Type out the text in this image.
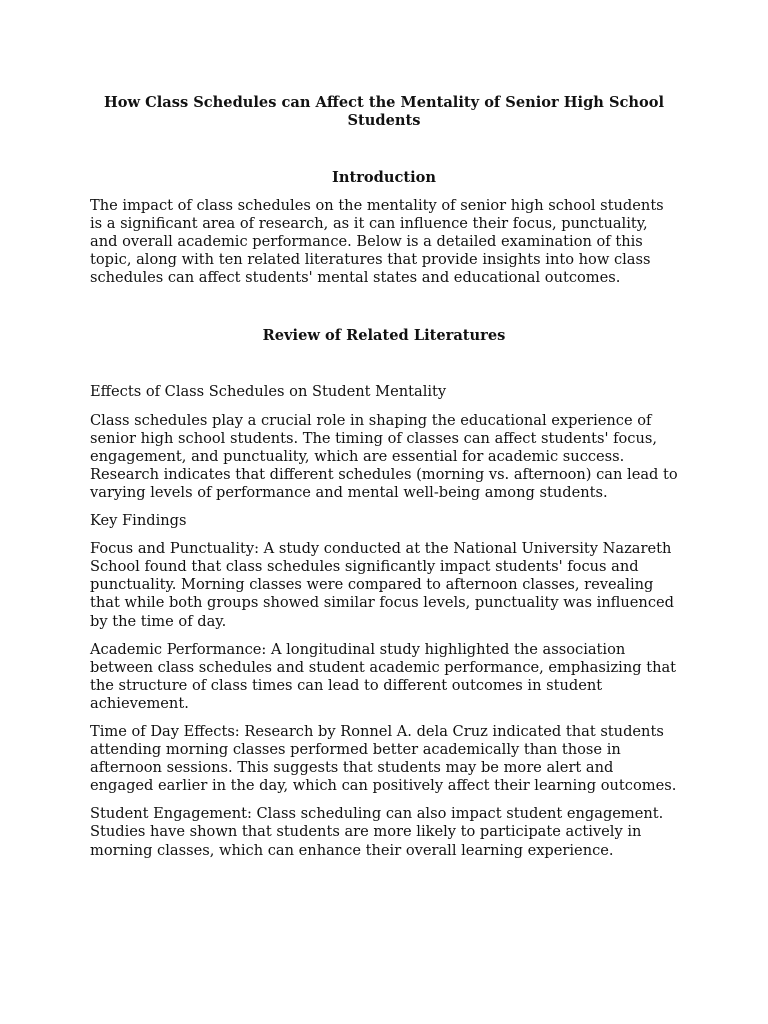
How Class Schedules can Affect the Mentality of Senior High School Students
Introduction

The impact of class schedules on the mentality of senior high school students is a significant area of research, as it can influence their focus, punctuality, and overall academic performance. Below is a detailed examination of this topic, along with ten related literatures that provide insights into how class schedules can affect students' mental states and educational outcomes.

Review of Related Literatures

Effects of Class Schedules on Student Mentality

Class schedules play a crucial role in shaping the educational experience of senior high school students. The timing of classes can affect students' focus, engagement, and punctuality, which are essential for academic success. Research indicates that different schedules (morning vs. afternoon) can lead to varying levels of performance and mental well-being among students.

Key Findings

Focus and Punctuality: A study conducted at the National University Nazareth School found that class schedules significantly impact students' focus and punctuality. Morning classes were compared to afternoon classes, revealing that while both groups showed similar focus levels, punctuality was influenced by the time of day.

Academic Performance: A longitudinal study highlighted the association between class schedules and student academic performance, emphasizing that the structure of class times can lead to different outcomes in student achievement.

Time of Day Effects: Research by Ronnel A. dela Cruz indicated that students attending morning classes performed better academically than those in afternoon sessions. This suggests that students may be more alert and engaged earlier in the day, which can positively affect their learning outcomes.

Student Engagement: Class scheduling can also impact student engagement. Studies have shown that students are more likely to participate actively in morning classes, which can enhance their overall learning experience.
